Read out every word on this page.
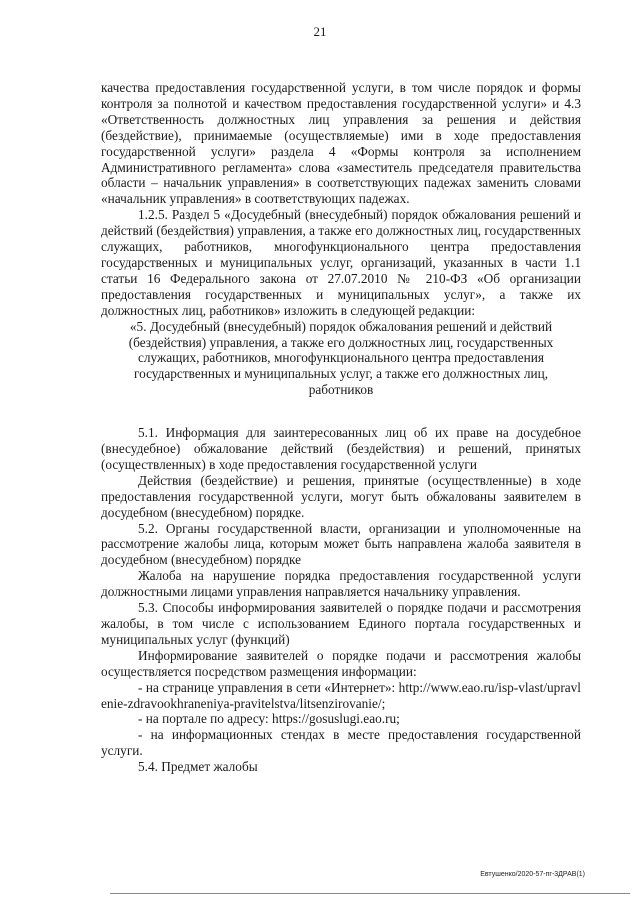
21

качества предоставления государственной услуги, в том числе порядок и формы контроля за полнотой и качеством предоставления государственной услуги» и 4.3 «Ответственность должностных лиц управления за решения и действия (бездействие), принимаемые (осуществляемые) ими в ходе предоставления государственной услуги» раздела 4 «Формы контроля за исполнением Административного регламента» слова «заместитель председателя правительства области – начальник управления» в соответствующих падежах заменить словами «начальник управления» в соответствующих падежах.

1.2.5. Раздел 5 «Досудебный (внесудебный) порядок обжалования решений и действий (бездействия) управления, а также его должностных лиц, государственных служащих, работников, многофункционального центра предоставления государственных и муниципальных услуг, организаций, указанных в части 1.1 статьи 16 Федерального закона от 27.07.2010 № 210-ФЗ «Об организации предоставления государственных и муниципальных услуг», а также их должностных лиц, работников» изложить в следующей редакции:

«5. Досудебный (внесудебный) порядок обжалования решений и действий (бездействия) управления, а также его должностных лиц, государственных служащих, работников, многофункционального центра предоставления государственных и муниципальных услуг, а также его должностных лиц, работников

5.1. Информация для заинтересованных лиц об их праве на досудебное (внесудебное) обжалование действий (бездействия) и решений, принятых (осуществленных) в ходе предоставления государственной услуги

Действия (бездействие) и решения, принятые (осуществленные) в ходе предоставления государственной услуги, могут быть обжалованы заявителем в досудебном (внесудебном) порядке.

5.2. Органы государственной власти, организации и уполномоченные на рассмотрение жалобы лица, которым может быть направлена жалоба заявителя в досудебном (внесудебном) порядке

Жалоба на нарушение порядка предоставления государственной услуги должностными лицами управления направляется начальнику управления.

5.3. Способы информирования заявителей о порядке подачи и рассмотрения жалобы, в том числе с использованием Единого портала государственных и муниципальных услуг (функций)

Информирование заявителей о порядке подачи и рассмотрения жалобы осуществляется посредством размещения информации:

- на странице управления в сети «Интернет»: http://www.eao.ru/isp-vlast/upravlenie-zdravookhraneniya-pravitelstva/litsenzirovanie/;

- на портале по адресу: https://gosuslugi.eao.ru;

- на информационных стендах в месте предоставления государственной услуги.

5.4. Предмет жалобы

Евтушенко/2020-57-пг-3ДРАВ(1)
